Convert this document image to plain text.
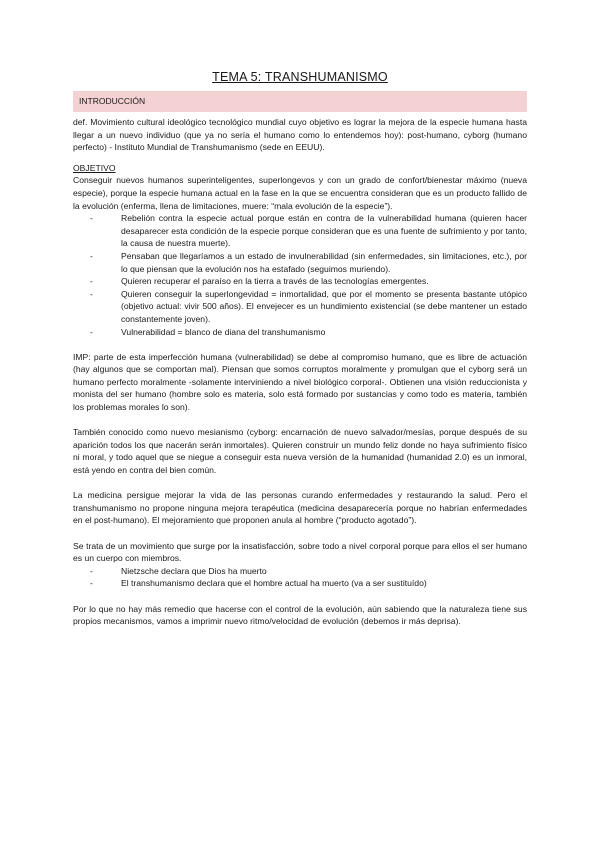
TEMA 5: TRANSHUMANISMO
INTRODUCCIÓN

def. Movimiento cultural ideológico tecnológico mundial cuyo objetivo es lograr la mejora de la especie humana hasta llegar a un nuevo individuo (que ya no sería el humano como lo entendemos hoy): post-humano, cyborg (humano perfecto) - Instituto Mundial de Transhumanismo (sede en EEUU).

OBJETIVO

Conseguir nuevos humanos superinteligentes, superlongevos y con un grado de confort/bienestar máximo (nueva especie), porque la especie humana actual en la fase en la que se encuentra consideran que es un producto fallido de la evolución (enferma, llena de limitaciones, muere: “mala evolución de la especie”).

- Rebelión contra la especie actual porque están en contra de la vulnerabilidad humana (quieren hacer desaparecer esta condición de la especie porque consideran que es una fuente de sufrimiento y por tanto, la causa de nuestra muerte).
- Pensaban que llegaríamos a un estado de invulnerabilidad (sin enfermedades, sin limitaciones, etc.), por lo que piensan que la evolución nos ha estafado (seguimos muriendo).
- Quieren recuperar el paraíso en la tierra a través de las tecnologías emergentes.
- Quieren conseguir la superlongevidad = inmortalidad, que por el momento se presenta bastante utópico (objetivo actual: vivir 500 años). El envejecer es un hundimiento existencial (se debe mantener un estado constantemente joven).
- Vulnerabilidad = blanco de diana del transhumanismo

IMP: parte de esta imperfección humana (vulnerabilidad) se debe al compromiso humano, que es libre de actuación (hay algunos que se comportan mal). Piensan que somos corruptos moralmente y promulgan que el cyborg será un humano perfecto moralmente -solamente interviniendo a nivel biológico corporal-. Obtienen una visión reduccionista y monista del ser humano (hombre solo es materia, solo está formado por sustancias y como todo es materia, también los problemas morales lo son).

También conocido como nuevo mesianismo (cyborg: encarnación de nuevo salvador/mesías, porque después de su aparición todos los que nacerán serán inmortales). Quieren construir un mundo feliz donde no haya sufrimiento físico ni moral, y todo aquel que se niegue a conseguir esta nueva versión de la humanidad (humanidad 2.0) es un inmoral, está yendo en contra del bien común.

La medicina persigue mejorar la vida de las personas curando enfermedades y restaurando la salud. Pero el transhumanismo no propone ninguna mejora terapéutica (medicina desaparecería porque no habrían enfermedades en el post-humano). El mejoramiento que proponen anula al hombre (“producto agotado”).

Se trata de un movimiento que surge por la insatisfacción, sobre todo a nivel corporal porque para ellos el ser humano es un cuerpo con miembros.

- Nietzsche declara que Dios ha muerto
- El transhumanismo declara que el hombre actual ha muerto (va a ser sustituído)

Por lo que no hay más remedio que hacerse con el control de la evolución, aún sabiendo que la naturaleza tiene sus propios mecanismos, vamos a imprimir nuevo ritmo/velocidad de evolución (debemos ir más deprisa).
